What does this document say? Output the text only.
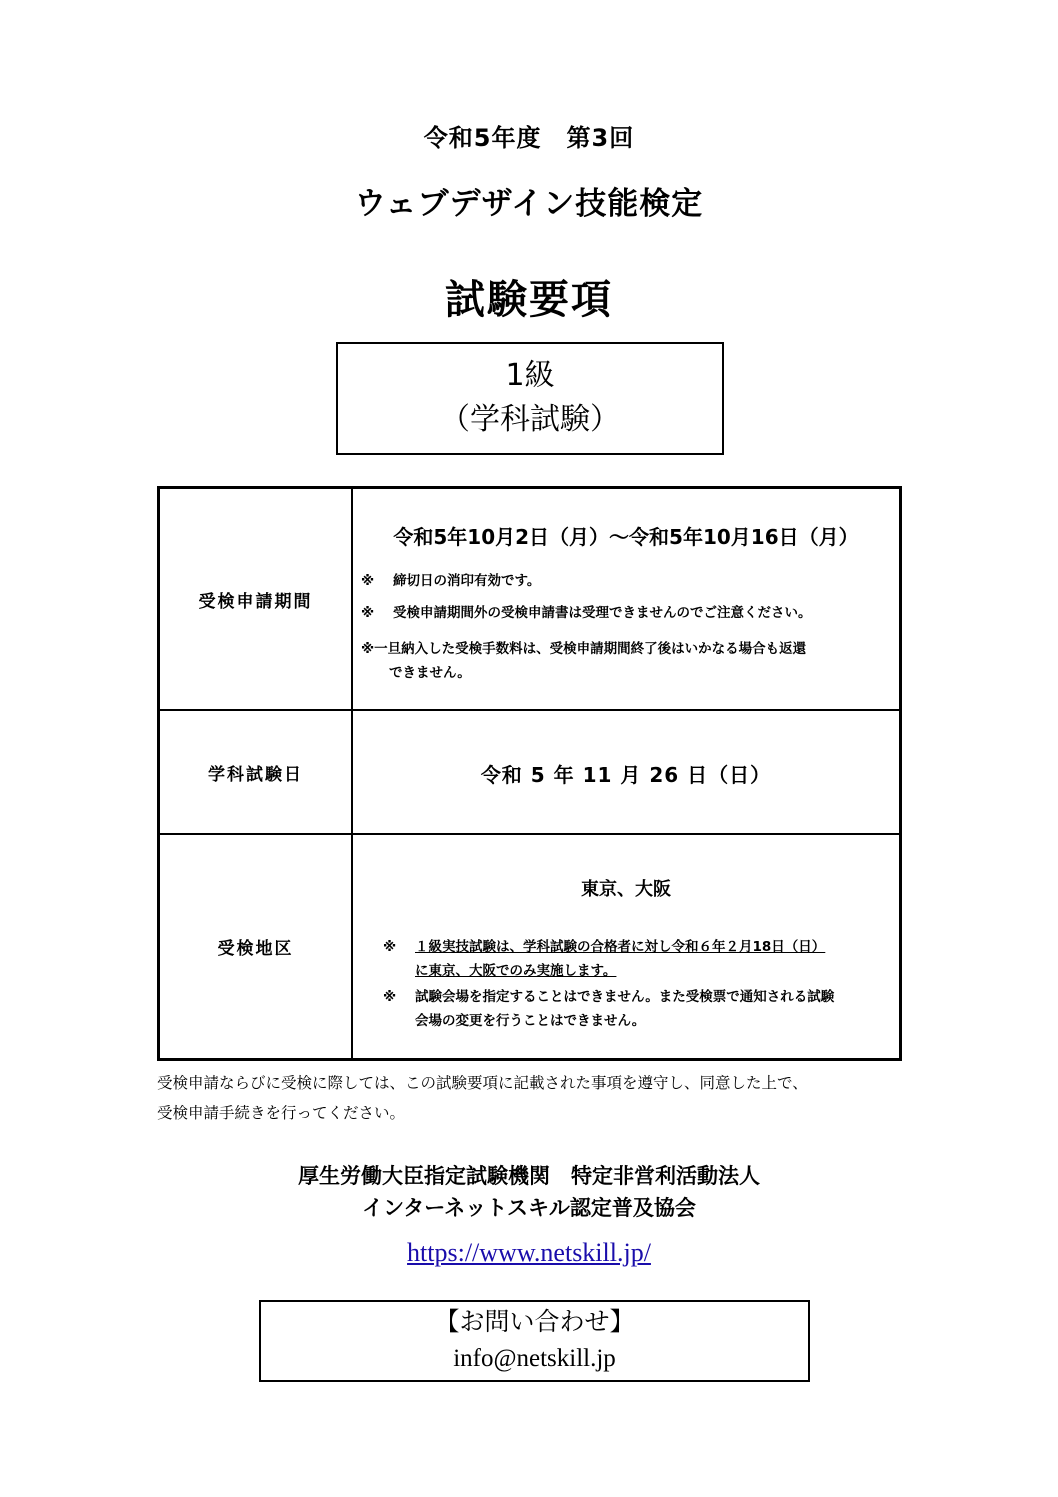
令和5年度　第3回
ウェブデザイン技能検定
試験要項
1級
（学科試験）
受検申請期間
令和5年10月2日（月）～令和5年10月16日（月）
※ 締切日の消印有効です。
※ 受検申請期間外の受検申請書は受理できませんのでご注意ください。
※一旦納入した受検手数料は、受検申請期間終了後はいかなる場合も返還
できません。
学科試験日	令和 5 年 11 月 26 日（日）
受検地区
東京、大阪
※ １級実技試験は、学科試験の合格者に対し令和６年２月18日（日）
に東京、大阪でのみ実施します。
※ 試験会場を指定することはできません。また受検票で通知される試験
会場の変更を行うことはできません。
受検申請ならびに受検に際しては、この試験要項に記載された事項を遵守し、同意した上で、
受検申請手続きを行ってください。
厚生労働大臣指定試験機関　特定非営利活動法人
インターネットスキル認定普及協会
https://www.netskill.jp/
【お問い合わせ】
info@netskill.jp
